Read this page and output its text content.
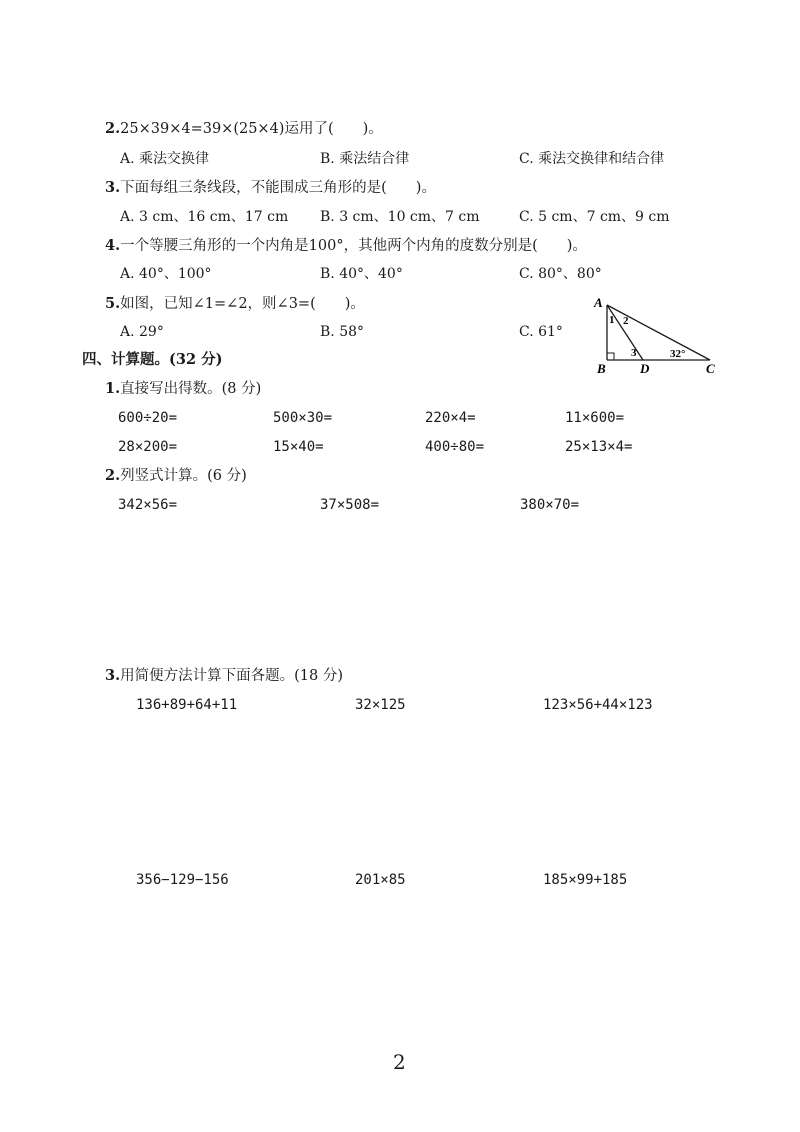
2.25×39×4=39×(25×4)运用了(　　)。
A. 乘法交换律	B. 乘法结合律	C. 乘法交换律和结合律
3.下面每组三条线段，不能围成三角形的是(　　)。
A. 3 cm、16 cm、17 cm B. 3 cm、10 cm、7 cm	C. 5 cm、7 cm、9 cm
4.一个等腰三角形的一个内角是100°，其他两个内角的度数分别是(　　)。
A. 40°、100°	B. 40°、40°	C. 80°、80°
5.如图，已知∠1=∠2，则∠3=(　　)。
A. 29°	B. 58°	C. 61°
A
B	D	C
1 2
3	32°
四、计算题。(32 分)
1.直接写出得数。(8 分)
600÷20=	500×30=	220×4=	11×600=
28×200=	15×40=	400÷80=	25×13×4=
2.列竖式计算。(6 分)
342×56=	37×508=	380×70=
3.用简便方法计算下面各题。(18 分)
136+89+64+11	32×125	123×56+44×123
356−129−156	201×85	185×99+185
2
